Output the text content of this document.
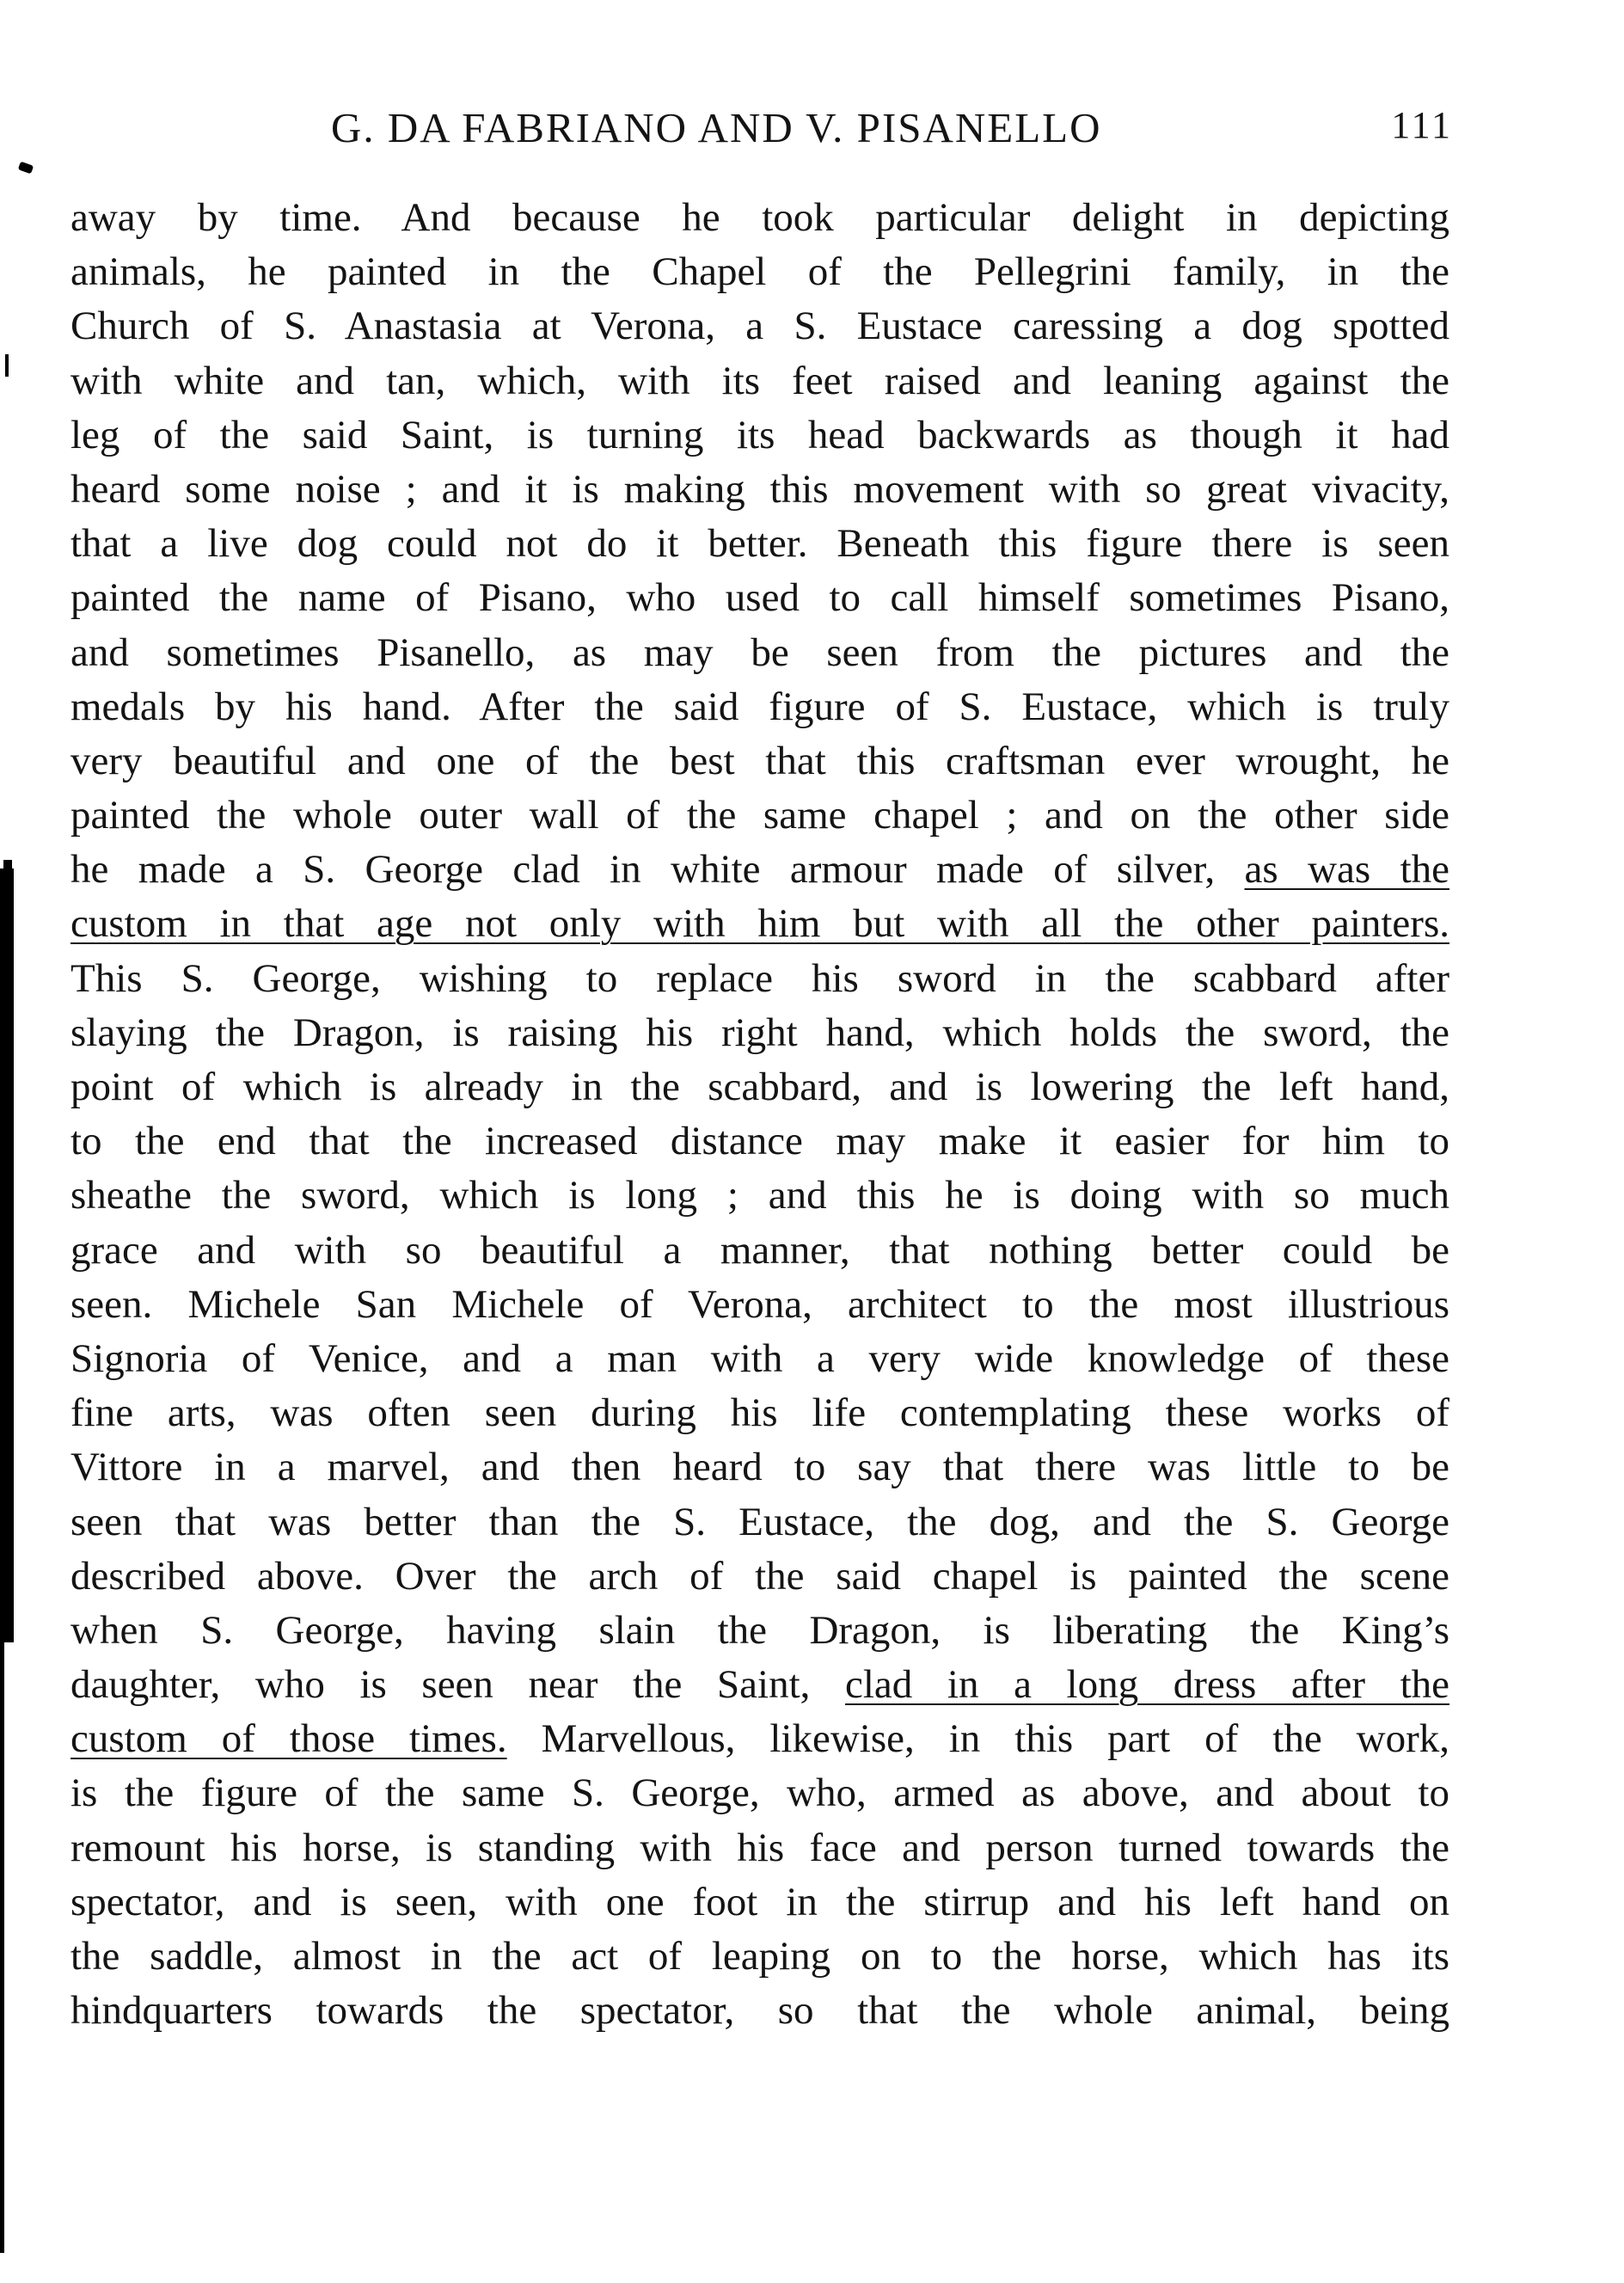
G. DA FABRIANO AND V. PISANELLO	111
away by time. And because he took particular delight in depicting
animals, he painted in the Chapel of the Pellegrini family, in the
Church of S. Anastasia at Verona, a S. Eustace caressing a dog spotted
with white and tan, which, with its feet raised and leaning against the
leg of the said Saint, is turning its head backwards as though it had
heard some noise ; and it is making this movement with so great vivacity,
that a live dog could not do it better. Beneath this figure there is seen
painted the name of Pisano, who used to call himself sometimes Pisano,
and sometimes Pisanello, as may be seen from the pictures and the
medals by his hand. After the said figure of S. Eustace, which is truly
very beautiful and one of the best that this craftsman ever wrought, he
painted the whole outer wall of the same chapel ; and on the other side
he made a S. George clad in white armour made of silver, as was the
custom in that age not only with him but with all the other painters.
This S. George, wishing to replace his sword in the scabbard after
slaying the Dragon, is raising his right hand, which holds the sword, the
point of which is already in the scabbard, and is lowering the left hand,
to the end that the increased distance may make it easier for him to
sheathe the sword, which is long ; and this he is doing with so much
grace and with so beautiful a manner, that nothing better could be
seen. Michele San Michele of Verona, architect to the most illustrious
Signoria of Venice, and a man with a very wide knowledge of these
fine arts, was often seen during his life contemplating these works of
Vittore in a marvel, and then heard to say that there was little to be
seen that was better than the S. Eustace, the dog, and the S. George
described above. Over the arch of the said chapel is painted the scene
when S. George, having slain the Dragon, is liberating the King’s
daughter, who is seen near the Saint, clad in a long dress after the
custom of those times. Marvellous, likewise, in this part of the work,
is the figure of the same S. George, who, armed as above, and about to
remount his horse, is standing with his face and person turned towards the
spectator, and is seen, with one foot in the stirrup and his left hand on
the saddle, almost in the act of leaping on to the horse, which has its
hindquarters towards the spectator, so that the whole animal, being
